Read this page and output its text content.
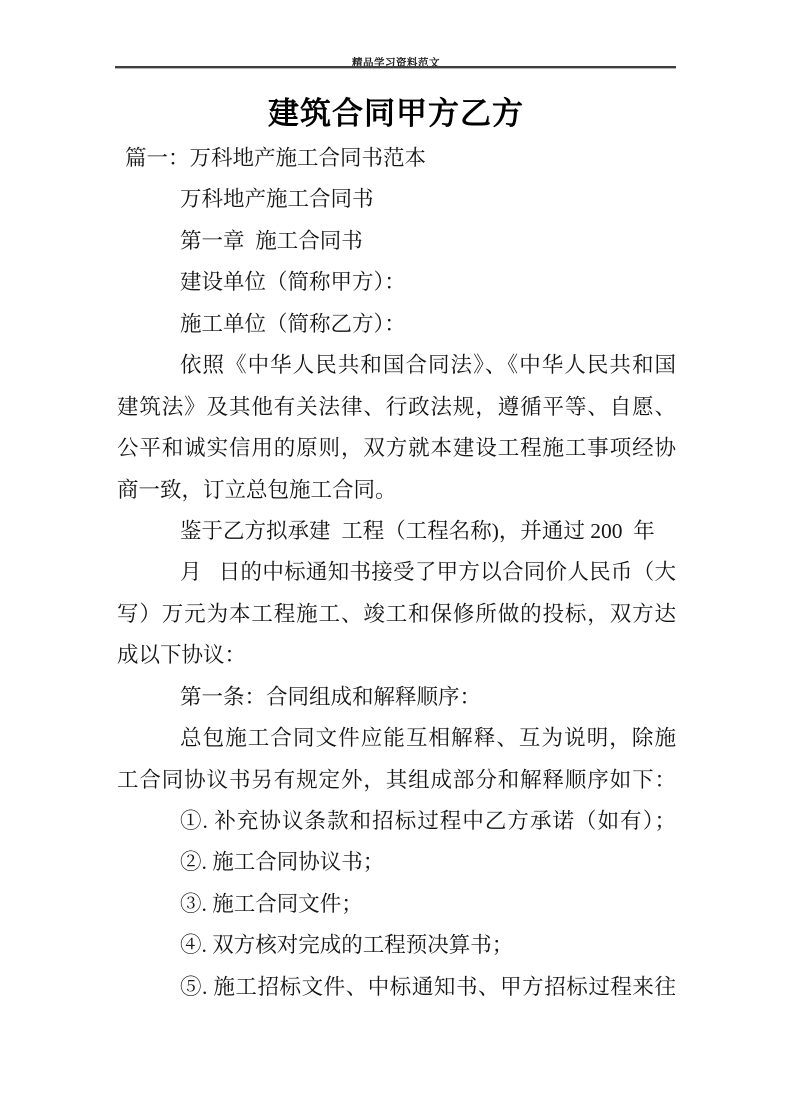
精品学习资料范文
建筑合同甲方乙方
篇一：万科地产施工合同书范本
万科地产施工合同书
第一章  施工合同书
建设单位（简称甲方）：
施工单位（简称乙方）：
依照《中华人民共和国合同法》、《中华人民共和国
建筑法》及其他有关法律、行政法规，遵循平等、自愿、
公平和诚实信用的原则，双方就本建设工程施工事项经协
商一致，订立总包施工合同。
鉴于乙方拟承建  工程（工程名称)，并通过 200  年
月   日的中标通知书接受了甲方以合同价人民币（大
写）万元为本工程施工、竣工和保修所做的投标，双方达
成以下协议：
第一条：合同组成和解释顺序：
总包施工合同文件应能互相解释、互为说明，除施
工合同协议书另有规定外，其组成部分和解释顺序如下：
①. 补充协议条款和招标过程中乙方承诺（如有）；
②. 施工合同协议书；
③. 施工合同文件；
④. 双方核对完成的工程预决算书；
⑤. 施工招标文件、中标通知书、甲方招标过程来往
